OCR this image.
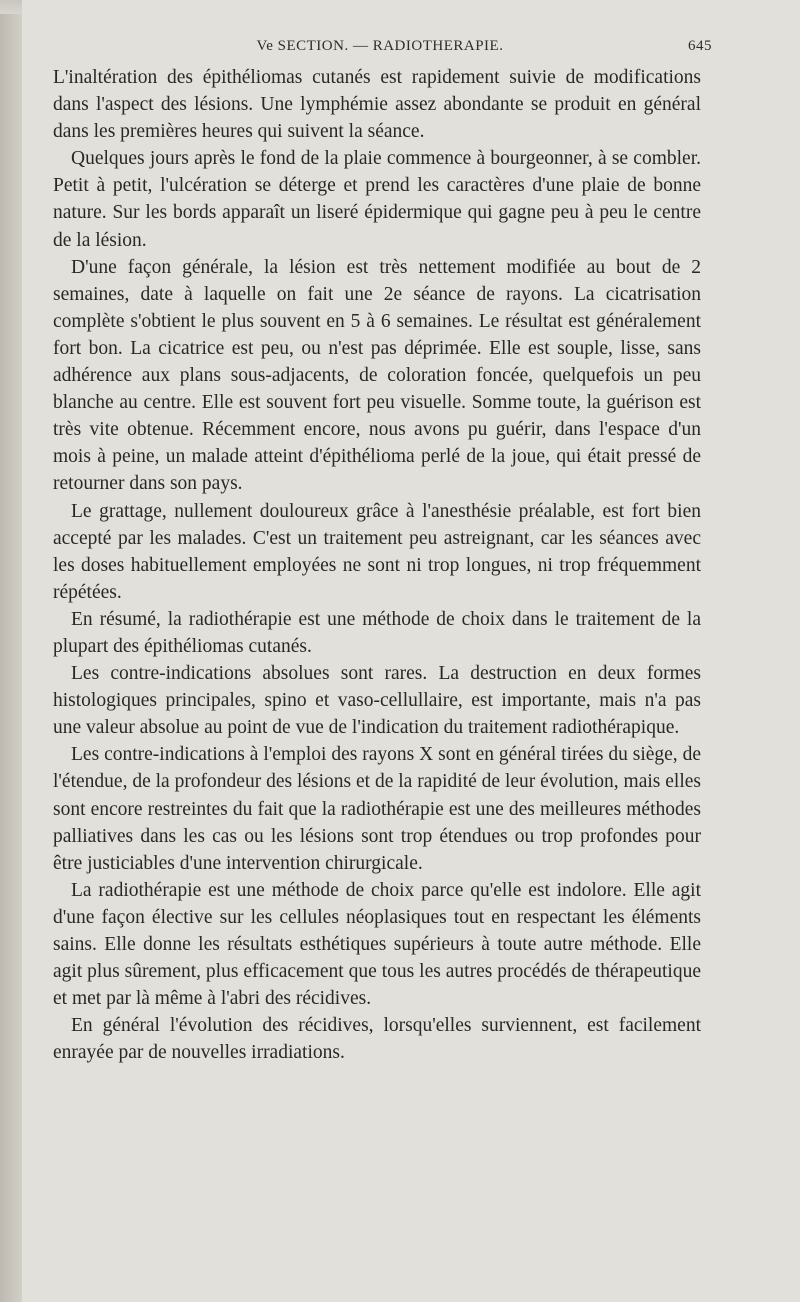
Ve SECTION. — RADIOTHERAPIE.	645

L'inaltération des épithéliomas cutanés est rapidement suivie de modifications dans l'aspect des lésions. Une lymphémie assez abondante se produit en général dans les premières heures qui suivent la séance.

Quelques jours après le fond de la plaie commence à bourgeonner, à se combler. Petit à petit, l'ulcération se déterge et prend les caractères d'une plaie de bonne nature. Sur les bords apparaît un liseré épidermique qui gagne peu à peu le centre de la lésion.

D'une façon générale, la lésion est très nettement modifiée au bout de 2 semaines, date à laquelle on fait une 2e séance de rayons. La cicatrisation complète s'obtient le plus souvent en 5 à 6 semaines. Le résultat est généralement fort bon. La cicatrice est peu, ou n'est pas déprimée. Elle est souple, lisse, sans adhérence aux plans sous-adjacents, de coloration foncée, quelquefois un peu blanche au centre. Elle est souvent fort peu visuelle. Somme toute, la guérison est très vite obtenue. Récemment encore, nous avons pu guérir, dans l'espace d'un mois à peine, un malade atteint d'épithélioma perlé de la joue, qui était pressé de retourner dans son pays.

Le grattage, nullement douloureux grâce à l'anesthésie préalable, est fort bien accepté par les malades. C'est un traitement peu astreignant, car les séances avec les doses habituellement employées ne sont ni trop longues, ni trop fréquemment répétées.

En résumé, la radiothérapie est une méthode de choix dans le traitement de la plupart des épithéliomas cutanés.

Les contre-indications absolues sont rares. La destruction en deux formes histologiques principales, spino et vaso-cellullaire, est importante, mais n'a pas une valeur absolue au point de vue de l'indication du traitement radiothérapique.

Les contre-indications à l'emploi des rayons X sont en général tirées du siège, de l'étendue, de la profondeur des lésions et de la rapidité de leur évolution, mais elles sont encore restreintes du fait que la radiothérapie est une des meilleures méthodes palliatives dans les cas ou les lésions sont trop étendues ou trop profondes pour être justiciables d'une intervention chirurgicale.

La radiothérapie est une méthode de choix parce qu'elle est indolore. Elle agit d'une façon élective sur les cellules néoplasiques tout en respectant les éléments sains. Elle donne les résultats esthétiques supérieurs à toute autre méthode. Elle agit plus sûrement, plus efficacement que tous les autres procédés de thérapeutique et met par là même à l'abri des récidives.

En général l'évolution des récidives, lorsqu'elles surviennent, est facilement enrayée par de nouvelles irradiations.
